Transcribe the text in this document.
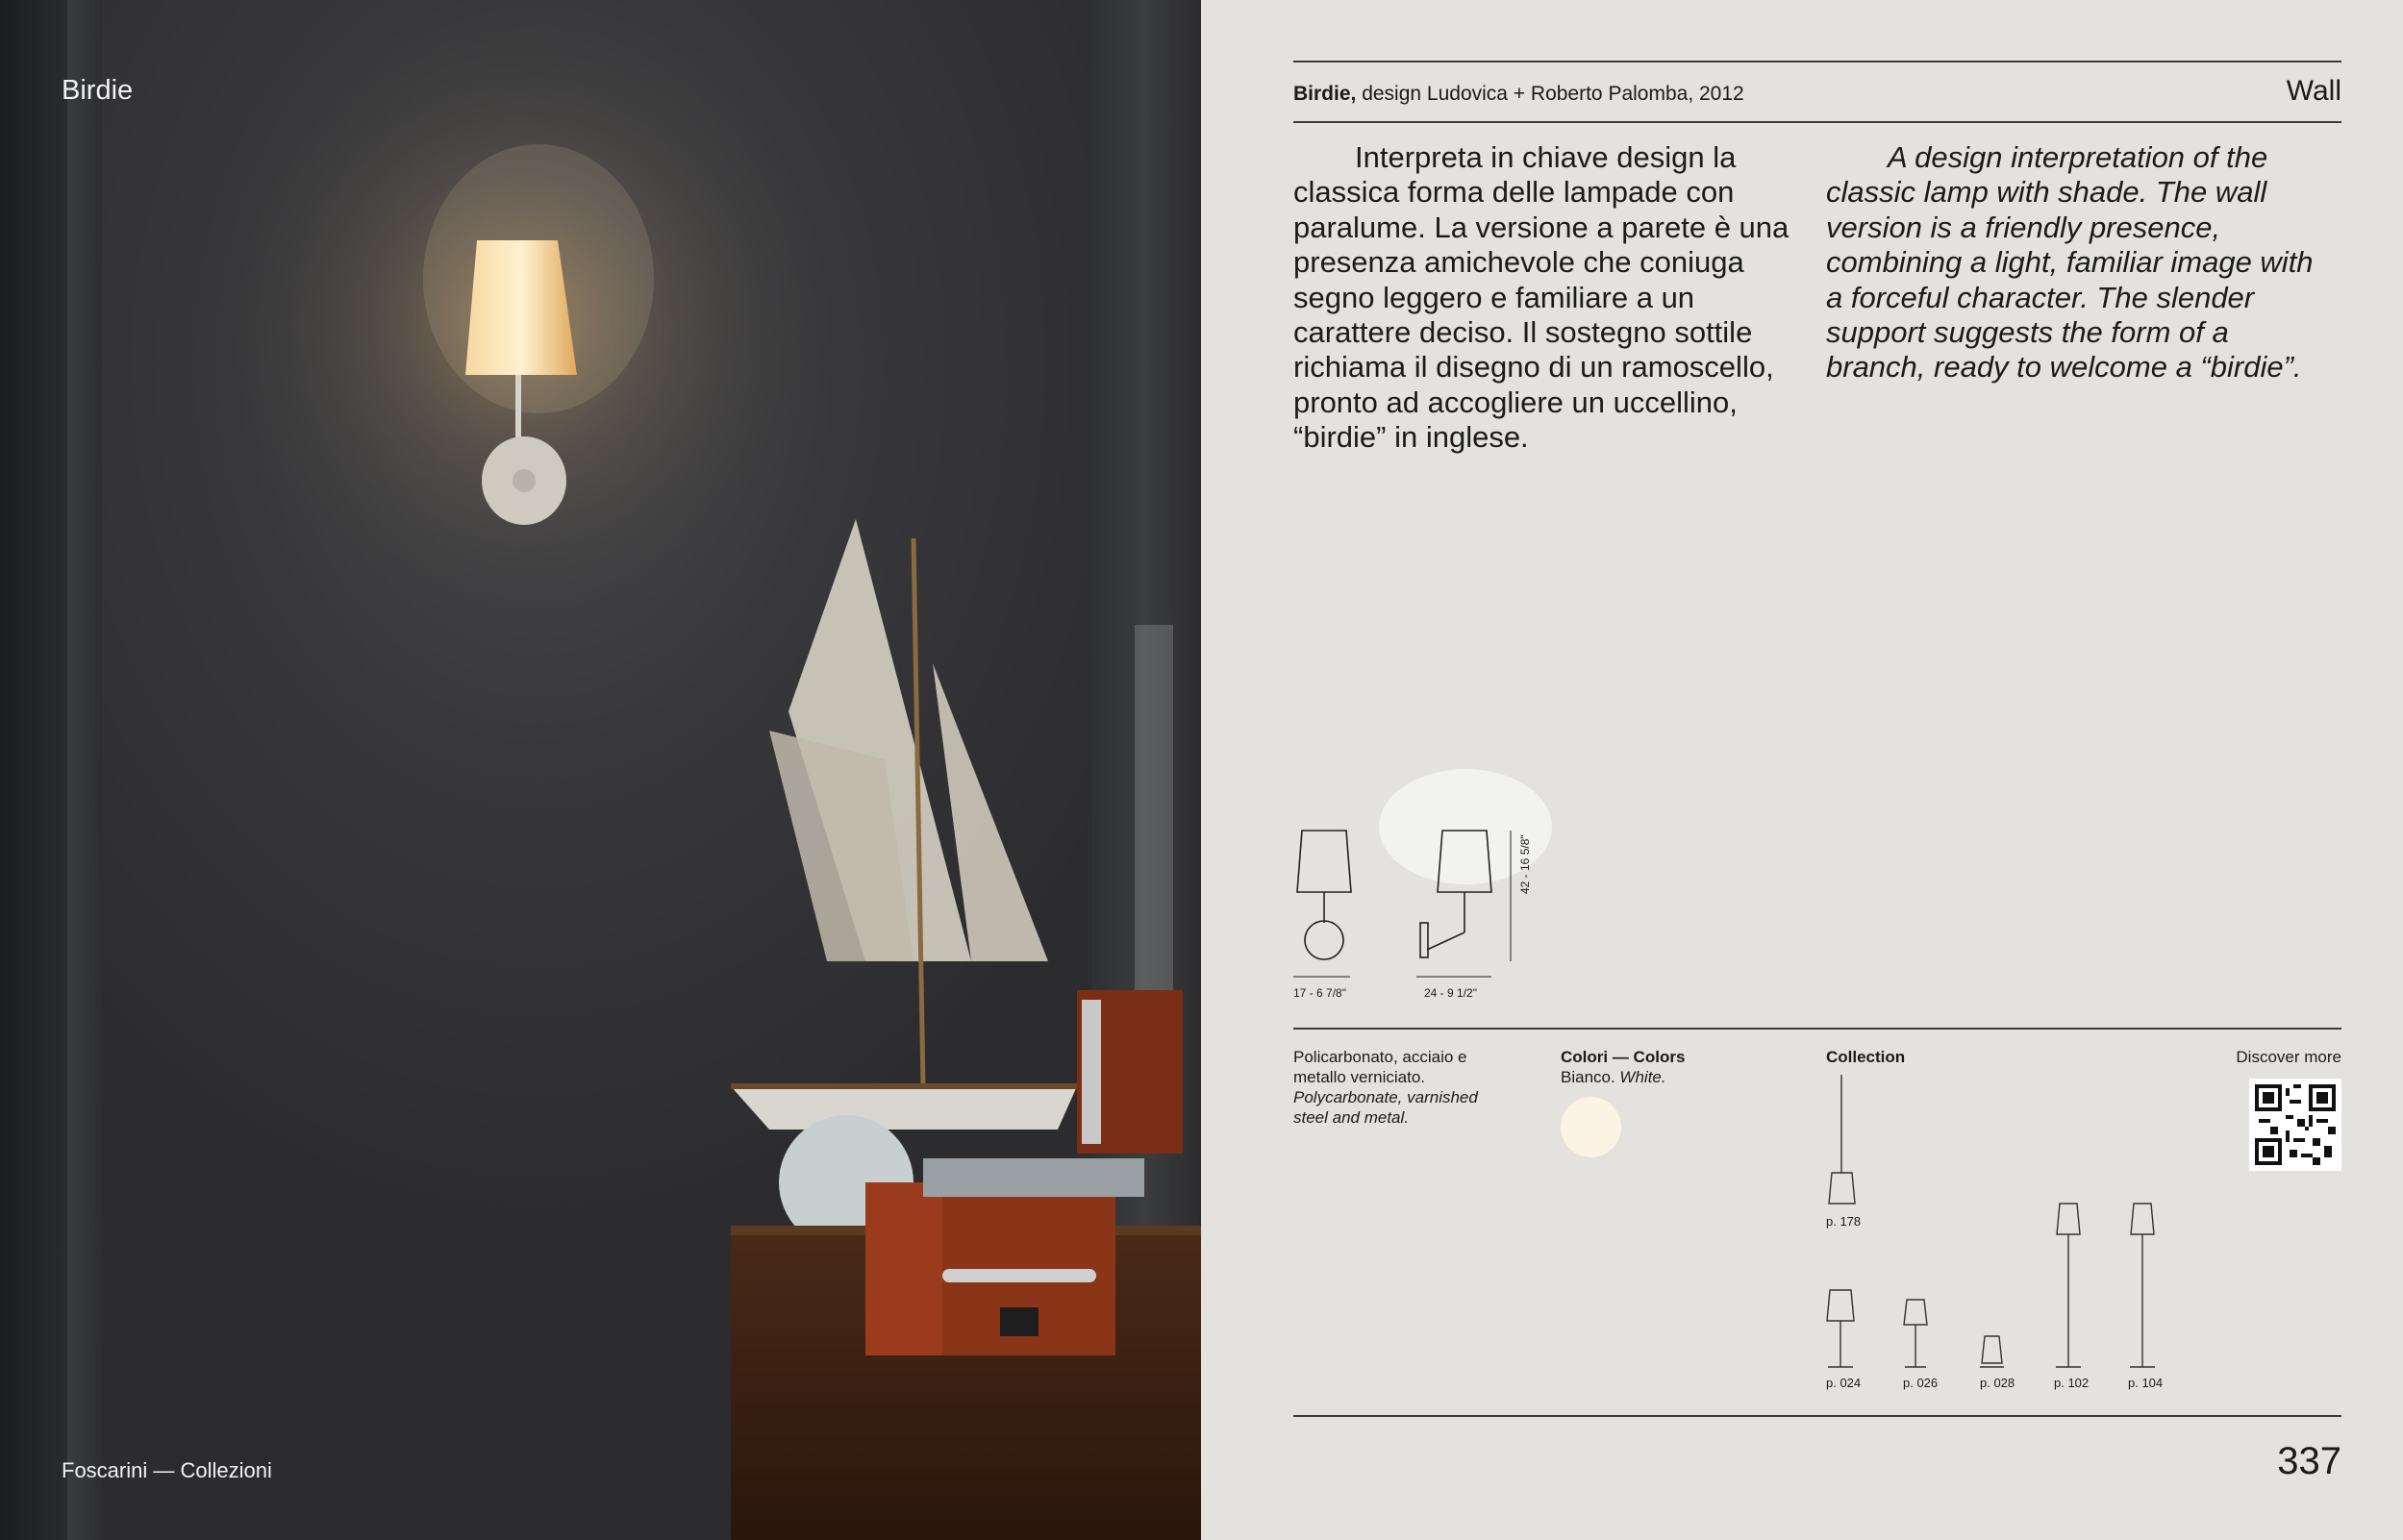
Birdie
Foscarini — Collezioni
Birdie, design Ludovica + Roberto Palomba, 2012	Wall

Interpreta in chiave design la classica forma delle lampade con paralume. La versione a parete è una presenza amichevole che coniuga segno leggero e familiare a un carattere deciso. Il sostegno sottile richiama il disegno di un ramoscello, pronto ad accogliere un uccellino, “birdie” in inglese.

A design interpretation of the classic lamp with shade. The wall version is a friendly presence, combining a light, familiar image with a forceful character. The slender support suggests the form of a branch, ready to welcome a “birdie”.

17 - 6 7/8"	24 - 9 1/2"
42 - 16 5/8"
Policarbonato, acciaio e
metallo verniciato.
Polycarbonate, varnished
steel and metal.
Colori — Colors
Bianco. White.
Collection
p. 178
p. 024	p. 026	p. 028	p. 102	p. 104
Discover more
337
